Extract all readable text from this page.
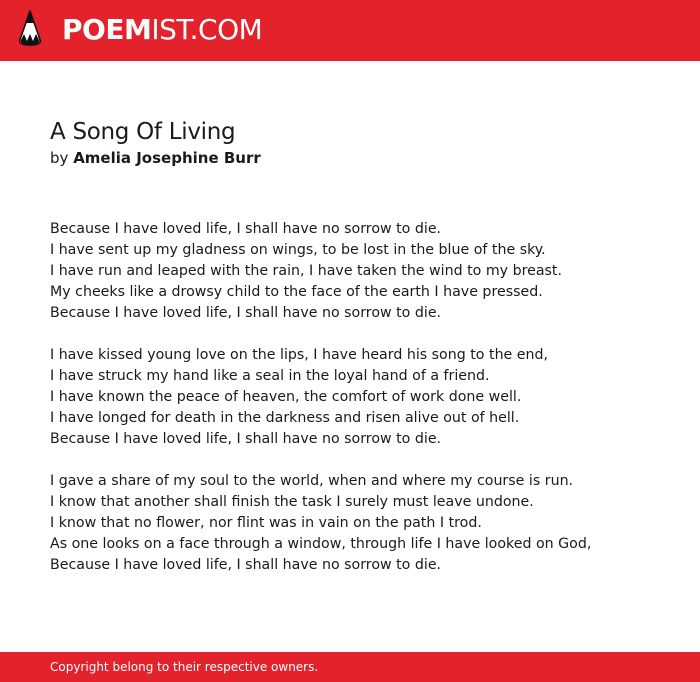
POEMIST.COM
A Song Of Living

by Amelia Josephine Burr

Because I have loved life, I shall have no sorrow to die.
I have sent up my gladness on wings, to be lost in the blue of the sky.
I have run and leaped with the rain, I have taken the wind to my breast.
My cheeks like a drowsy child to the face of the earth I have pressed.
Because I have loved life, I shall have no sorrow to die.

I have kissed young love on the lips, I have heard his song to the end,
I have struck my hand like a seal in the loyal hand of a friend.
I have known the peace of heaven, the comfort of work done well.
I have longed for death in the darkness and risen alive out of hell.
Because I have loved life, I shall have no sorrow to die.

I gave a share of my soul to the world, when and where my course is run.
I know that another shall finish the task I surely must leave undone.
I know that no flower, nor flint was in vain on the path I trod.
As one looks on a face through a window, through life I have looked on God,
Because I have loved life, I shall have no sorrow to die.

Copyright belong to their respective owners.
